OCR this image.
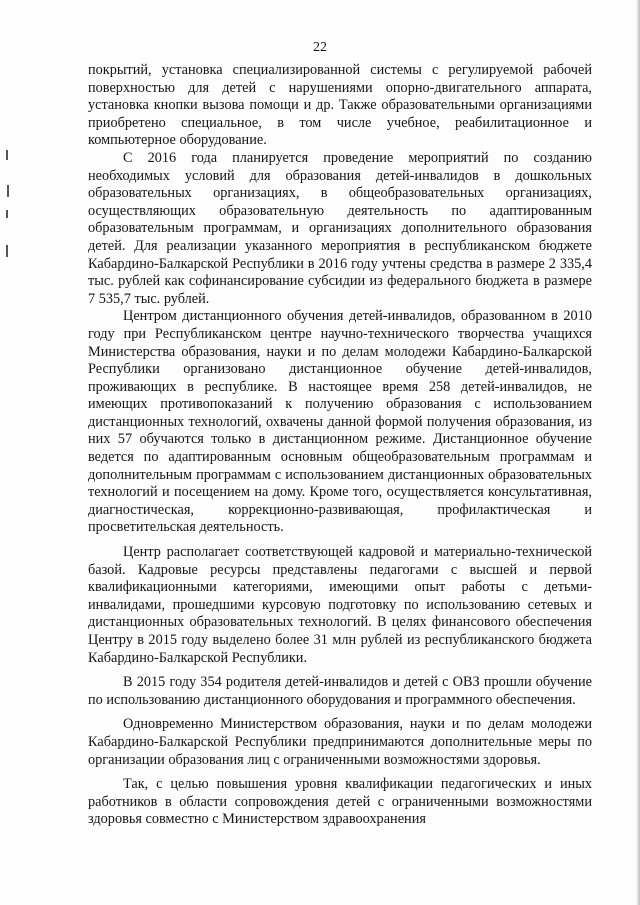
22

покрытий, установка специализированной системы с регулируемой рабочей поверхностью для детей с нарушениями опорно-двигательного аппарата, установка кнопки вызова помощи и др. Также образовательными организациями приобретено специальное, в том числе учебное, реабилитационное и компьютерное оборудование.

С 2016 года планируется проведение мероприятий по созданию необходимых условий для образования детей-инвалидов в дошкольных образовательных организациях, в общеобразовательных организациях, осуществляющих образовательную деятельность по адаптированным образовательным программам, и организациях дополнительного образования детей. Для реализации указанного мероприятия в республиканском бюджете Кабардино-Балкарской Республики в 2016 году учтены средства в размере 2 335,4 тыс. рублей как софинансирование субсидии из федерального бюджета в размере 7 535,7 тыс. рублей.

Центром дистанционного обучения детей-инвалидов, образованном в 2010 году при Республиканском центре научно-технического творчества учащихся Министерства образования, науки и по делам молодежи Кабардино-Балкарской Республики организовано дистанционное обучение детей-инвалидов, проживающих в республике. В настоящее время 258 детей-инвалидов, не имеющих противопоказаний к получению образования с использованием дистанционных технологий, охвачены данной формой получения образования, из них 57 обучаются только в дистанционном режиме. Дистанционное обучение ведется по адаптированным основным общеобразовательным программам и дополнительным программам с использованием дистанционных образовательных технологий и посещением на дому. Кроме того, осуществляется консультативная, диагностическая, коррекционно-развивающая, профилактическая и просветительская деятельность.

Центр располагает соответствующей кадровой и материально-технической базой. Кадровые ресурсы представлены педагогами с высшей и первой квалификационными категориями, имеющими опыт работы с детьми-инвалидами, прошедшими курсовую подготовку по использованию сетевых и дистанционных образовательных технологий. В целях финансового обеспечения Центру в 2015 году выделено более 31 млн рублей из республиканского бюджета Кабардино-Балкарской Республики.

В 2015 году 354 родителя детей-инвалидов и детей с ОВЗ прошли обучение по использованию дистанционного оборудования и программного обеспечения.

Одновременно Министерством образования, науки и по делам молодежи Кабардино-Балкарской Республики предпринимаются дополнительные меры по организации образования лиц с ограниченными возможностями здоровья.

Так, с целью повышения уровня квалификации педагогических и иных работников в области сопровождения детей с ограниченными возможностями здоровья совместно с Министерством здравоохранения
